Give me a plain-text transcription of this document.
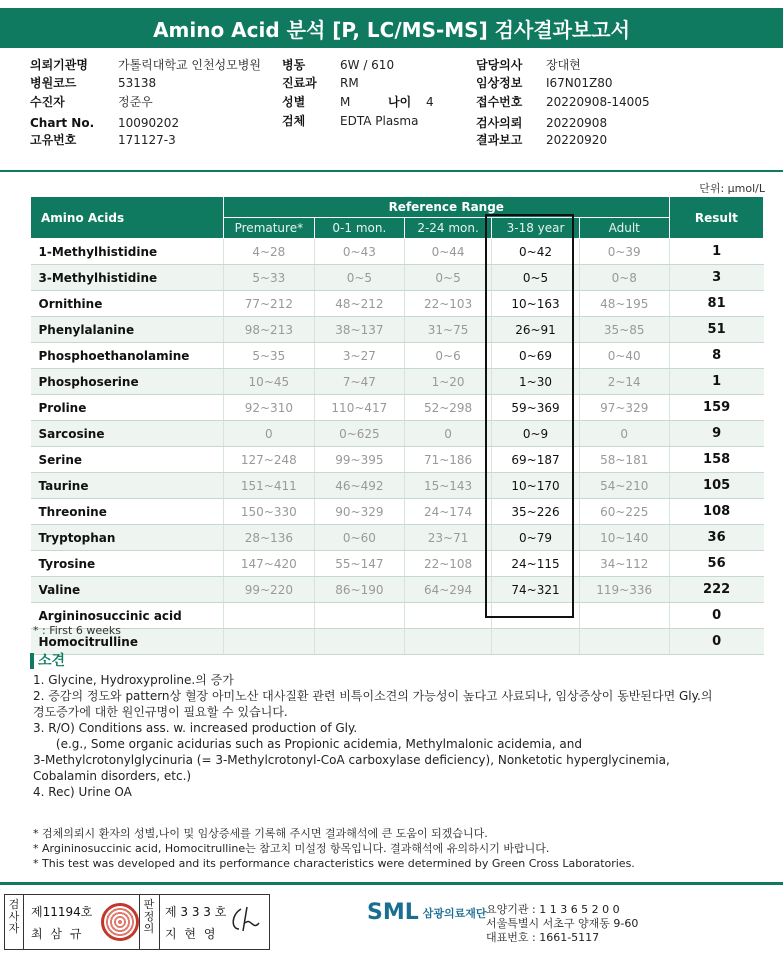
Amino Acid 분석 [P, LC/MS-MS] 검사결과보고서
의뢰기관명	가톨릭대학교 인천성모병원
병원코드	53138
수진자	정준우
Chart No. 10090202
고유번호	171127-3
병동	6W / 610
진료과 RM
성별	M	나이 4
검체	EDTA Plasma
담당의사 장대현
임상정보 I67N01Z80
접수번호 20220908-14005
검사의뢰 20220908
결과보고 20220920
단위: μmol/L
Amino Acids	Reference Range					Result
	Premature*	0-1 mon.	2-24 mon.	3-18 year	Adult	
1-Methylhistidine	4~28	0~43	0~44	0~42	0~39	1
3-Methylhistidine	5~33	0~5	0~5	0~5	0~8	3
Ornithine	77~212	48~212	22~103	10~163	48~195	81
Phenylalanine	98~213	38~137	31~75	26~91	35~85	51
Phosphoethanolamine	5~35	3~27	0~6	0~69	0~40	8
Phosphoserine	10~45	7~47	1~20	1~30	2~14	1
Proline	92~310	110~417	52~298	59~369	97~329	159
Sarcosine	0	0~625	0	0~9	0	9
Serine	127~248	99~395	71~186	69~187	58~181	158
Taurine	151~411	46~492	15~143	10~170	54~210	105
Threonine	150~330	90~329	24~174	35~226	60~225	108
Tryptophan	28~136	0~60	23~71	0~79	10~140	36
Tyrosine	147~420	55~147	22~108	24~115	34~112	56
Valine	99~220	86~190	64~294	74~321	119~336	222
Argininosuccinic acid						0
Homocitrulline						0
* : First 6 weeks
소견
1. Glycine, Hydroxyproline.의 증가
2. 증감의 정도와 pattern상 혈장 아미노산 대사질환 관련 비특이소견의 가능성이 높다고 사료되나, 임상증상이 동반된다면 Gly.의
경도증가에 대한 원인규명이 필요할 수 있습니다.
3. R/O) Conditions ass. w. increased production of Gly.
(e.g., Some organic acidurias such as Propionic acidemia, Methylmalonic acidemia, and
3-Methylcrotonylglycinuria (= 3-Methylcrotonyl-CoA carboxylase deficiency), Nonketotic hyperglycinemia,
Cobalamin disorders, etc.)
4. Rec) Urine OA
* 검체의뢰시 환자의 성별,나이 및 임상증세를 기록해 주시면 결과해석에 큰 도움이 되겠습니다.
* Argininosuccinic acid, Homocitrulline는 참고치 미설정 항목입니다. 결과해석에 유의하시기 바랍니다.
* This test was developed and its performance characteristics were determined by Green Cross Laboratories.
검
사
자
제11194호
최 삼 규
판
정
의
제 3 3 3 호
지 현 영
SML 삼광의료재단 요양기관 : 1 1 3 6 5 2 0 0
서울특별시 서초구 양재동 9-60
대표번호 : 1661-5117
